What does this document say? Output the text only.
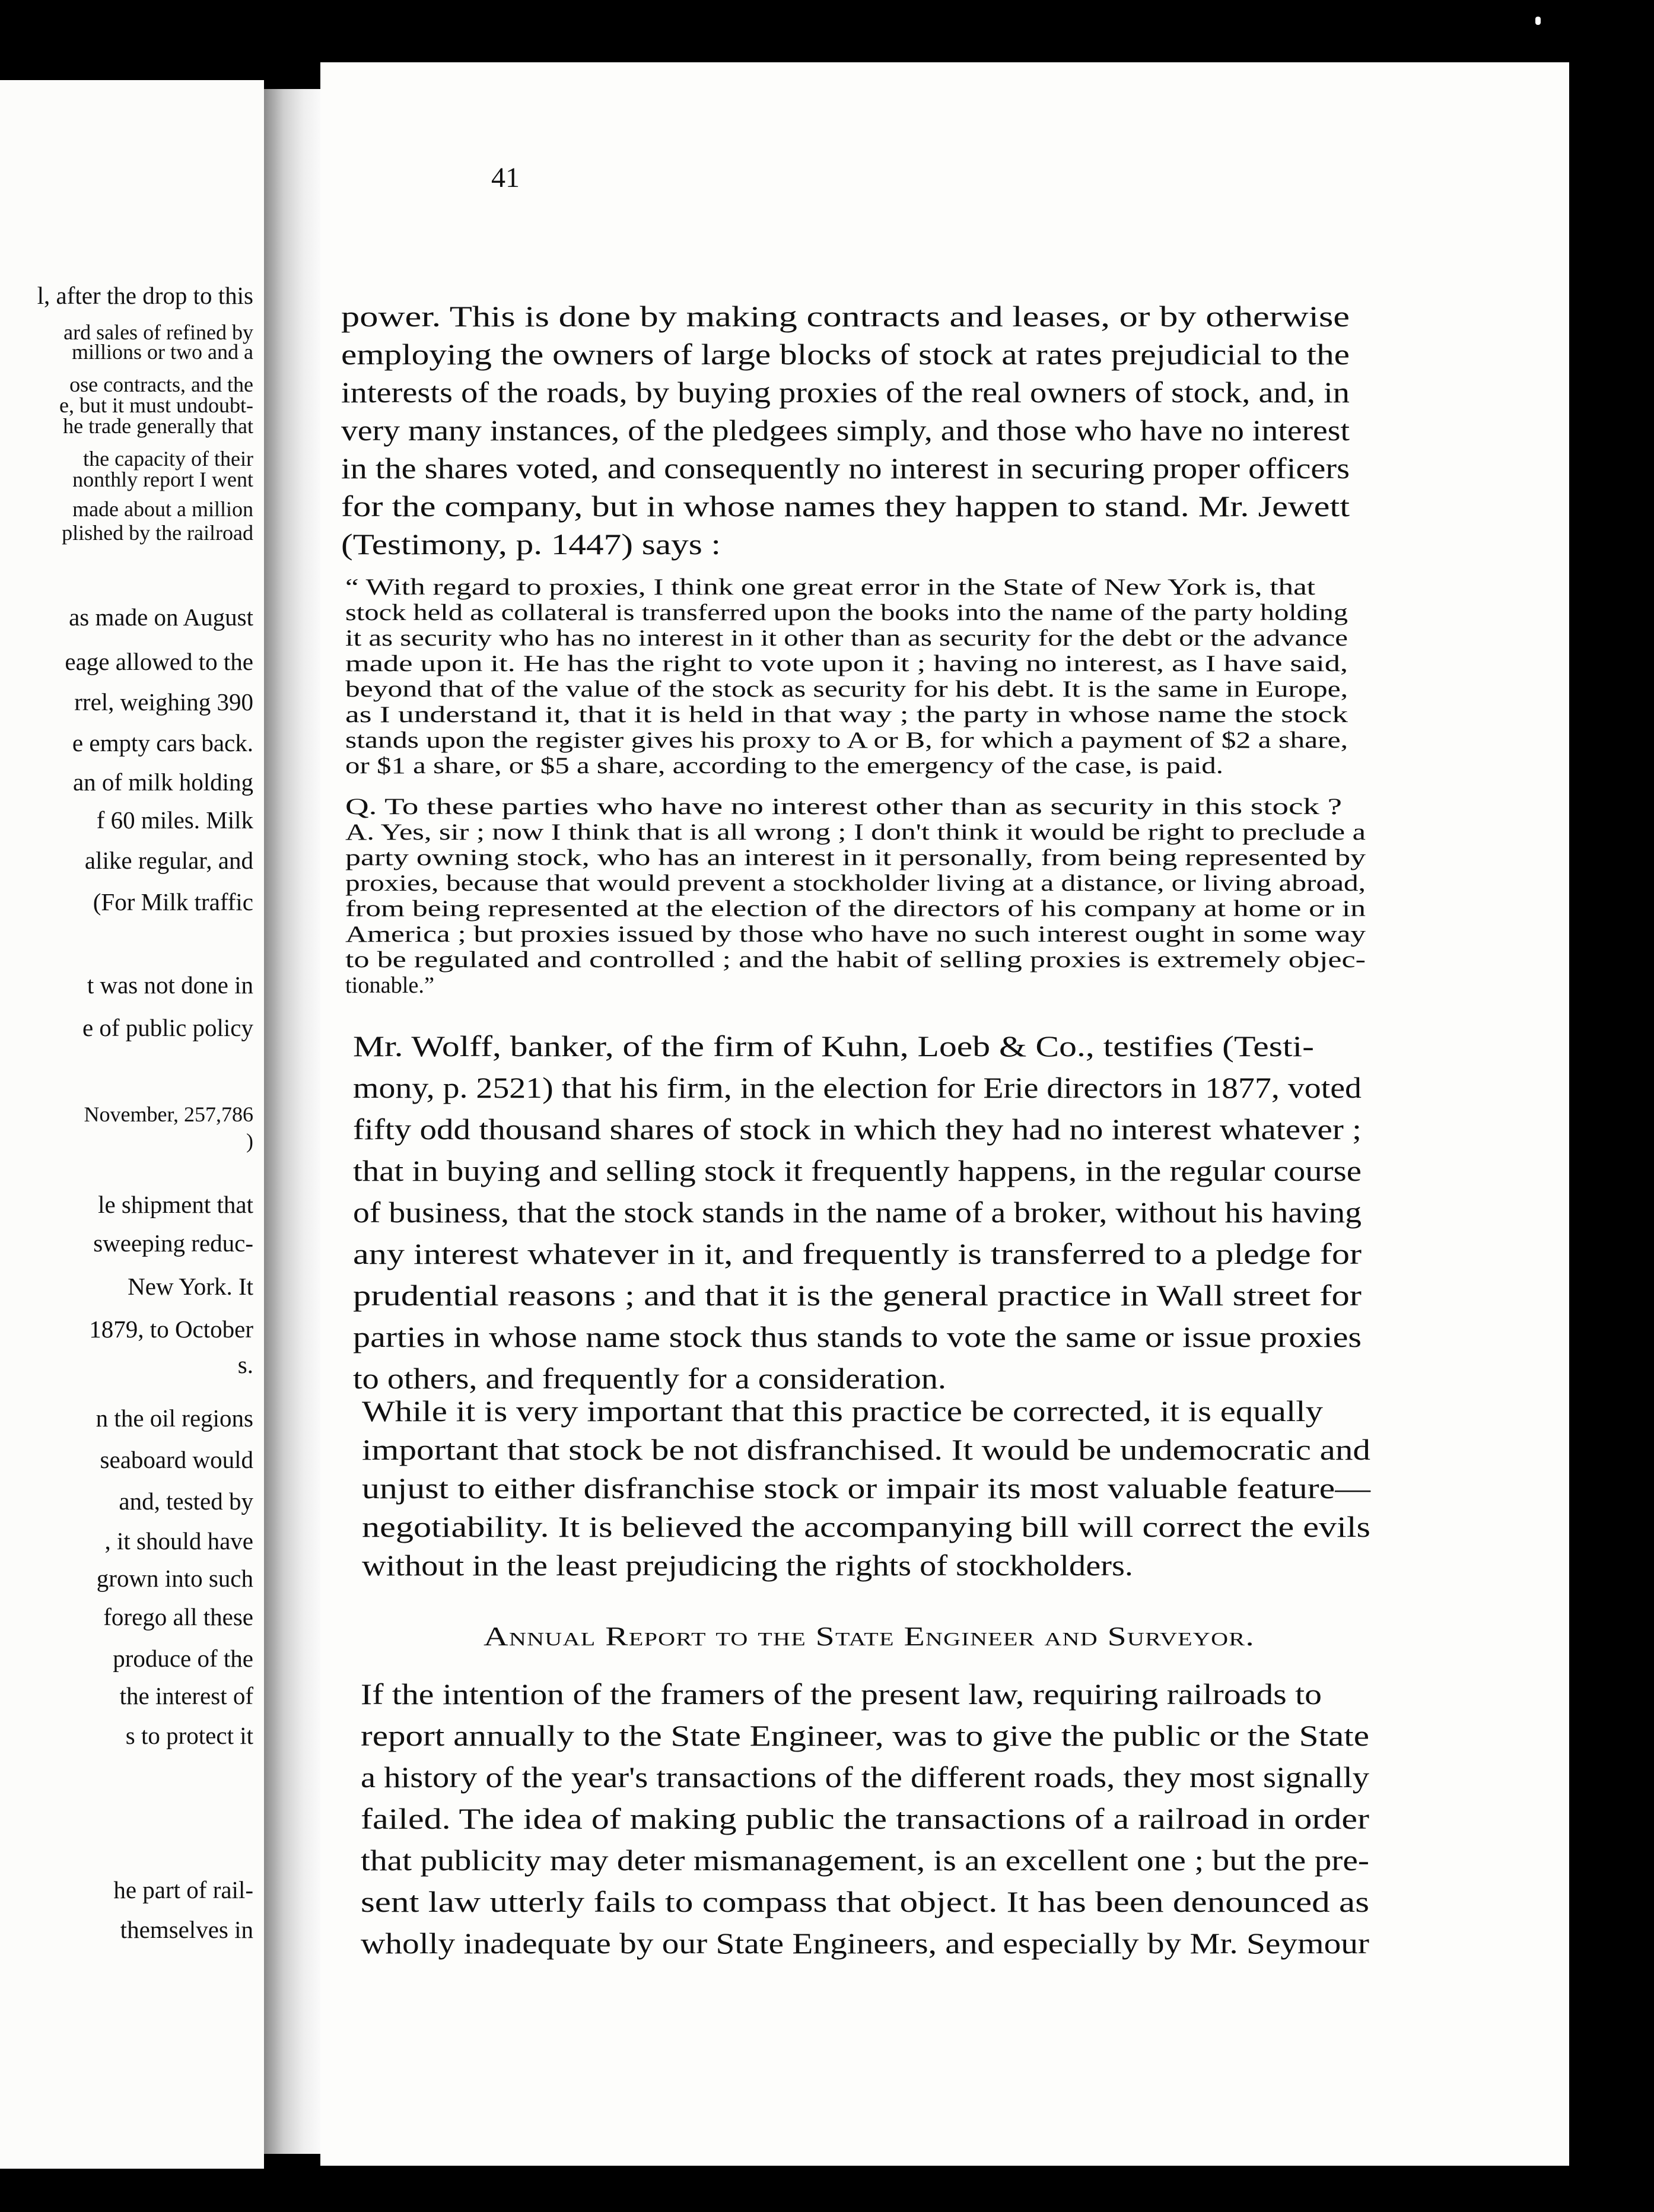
l, after the drop to this
ard sales of refined by
millions or two and a
ose contracts, and the
e, but it must undoubt-
he trade generally that
the capacity of their
nonthly report I went
made about a million
plished by the railroad
as made on August
eage allowed to the
rrel, weighing 390
e empty cars back.
an of milk holding
f 60 miles. Milk
alike regular, and
(For Milk traffic
t was not done in
e of public policy
November, 257,786
)
le shipment that
sweeping reduc-
New York. It
1879, to October
s.
n the oil regions
seaboard would
and, tested by
, it should have
grown into such
forego all these
produce of the
the interest of
s to protect it
he part of rail-
themselves in
41

Annual Report to the State Engineer and Surveyor.

power. This is done by making contracts and leases, or by otherwise

employing the owners of large blocks of stock at rates prejudicial to the

interests of the roads, by buying proxies of the real owners of stock, and, in

very many instances, of the pledgees simply, and those who have no interest

in the shares voted, and consequently no interest in securing proper officers

for the company, but in whose names they happen to stand. Mr. Jewett

(Testimony, p. 1447) says :

“ With regard to proxies, I think one great error in the State of New York is, that

stock held as collateral is transferred upon the books into the name of the party holding

it as security who has no interest in it other than as security for the debt or the advance

made upon it. He has the right to vote upon it ; having no interest, as I have said,

beyond that of the value of the stock as security for his debt. It is the same in Europe,

as I understand it, that it is held in that way ; the party in whose name the stock

stands upon the register gives his proxy to A or B, for which a payment of $2 a share,

or $1 a share, or $5 a share, according to the emergency of the case, is paid.

Q. To these parties who have no interest other than as security in this stock ?

A. Yes, sir ; now I think that is all wrong ; I don't think it would be right to preclude a

party owning stock, who has an interest in it personally, from being represented by

proxies, because that would prevent a stockholder living at a distance, or living abroad,

from being represented at the election of the directors of his company at home or in

America ; but proxies issued by those who have no such interest ought in some way

to be regulated and controlled ; and the habit of selling proxies is extremely objec-

tionable.”

Mr. Wolff, banker, of the firm of Kuhn, Loeb & Co., testifies (Testi-

mony, p. 2521) that his firm, in the election for Erie directors in 1877, voted

fifty odd thousand shares of stock in which they had no interest whatever ;

that in buying and selling stock it frequently happens, in the regular course

of business, that the stock stands in the name of a broker, without his having

any interest whatever in it, and frequently is transferred to a pledge for

prudential reasons ; and that it is the general practice in Wall street for

parties in whose name stock thus stands to vote the same or issue proxies

to others, and frequently for a consideration.

While it is very important that this practice be corrected, it is equally

important that stock be not disfranchised. It would be undemocratic and

unjust to either disfranchise stock or impair its most valuable feature—

negotiability. It is believed the accompanying bill will correct the evils

without in the least prejudicing the rights of stockholders.

If the intention of the framers of the present law, requiring railroads to

report annually to the State Engineer, was to give the public or the State

a history of the year's transactions of the different roads, they most signally

failed. The idea of making public the transactions of a railroad in order

that publicity may deter mismanagement, is an excellent one ; but the pre-

sent law utterly fails to compass that object. It has been denounced as

wholly inadequate by our State Engineers, and especially by Mr. Seymour
